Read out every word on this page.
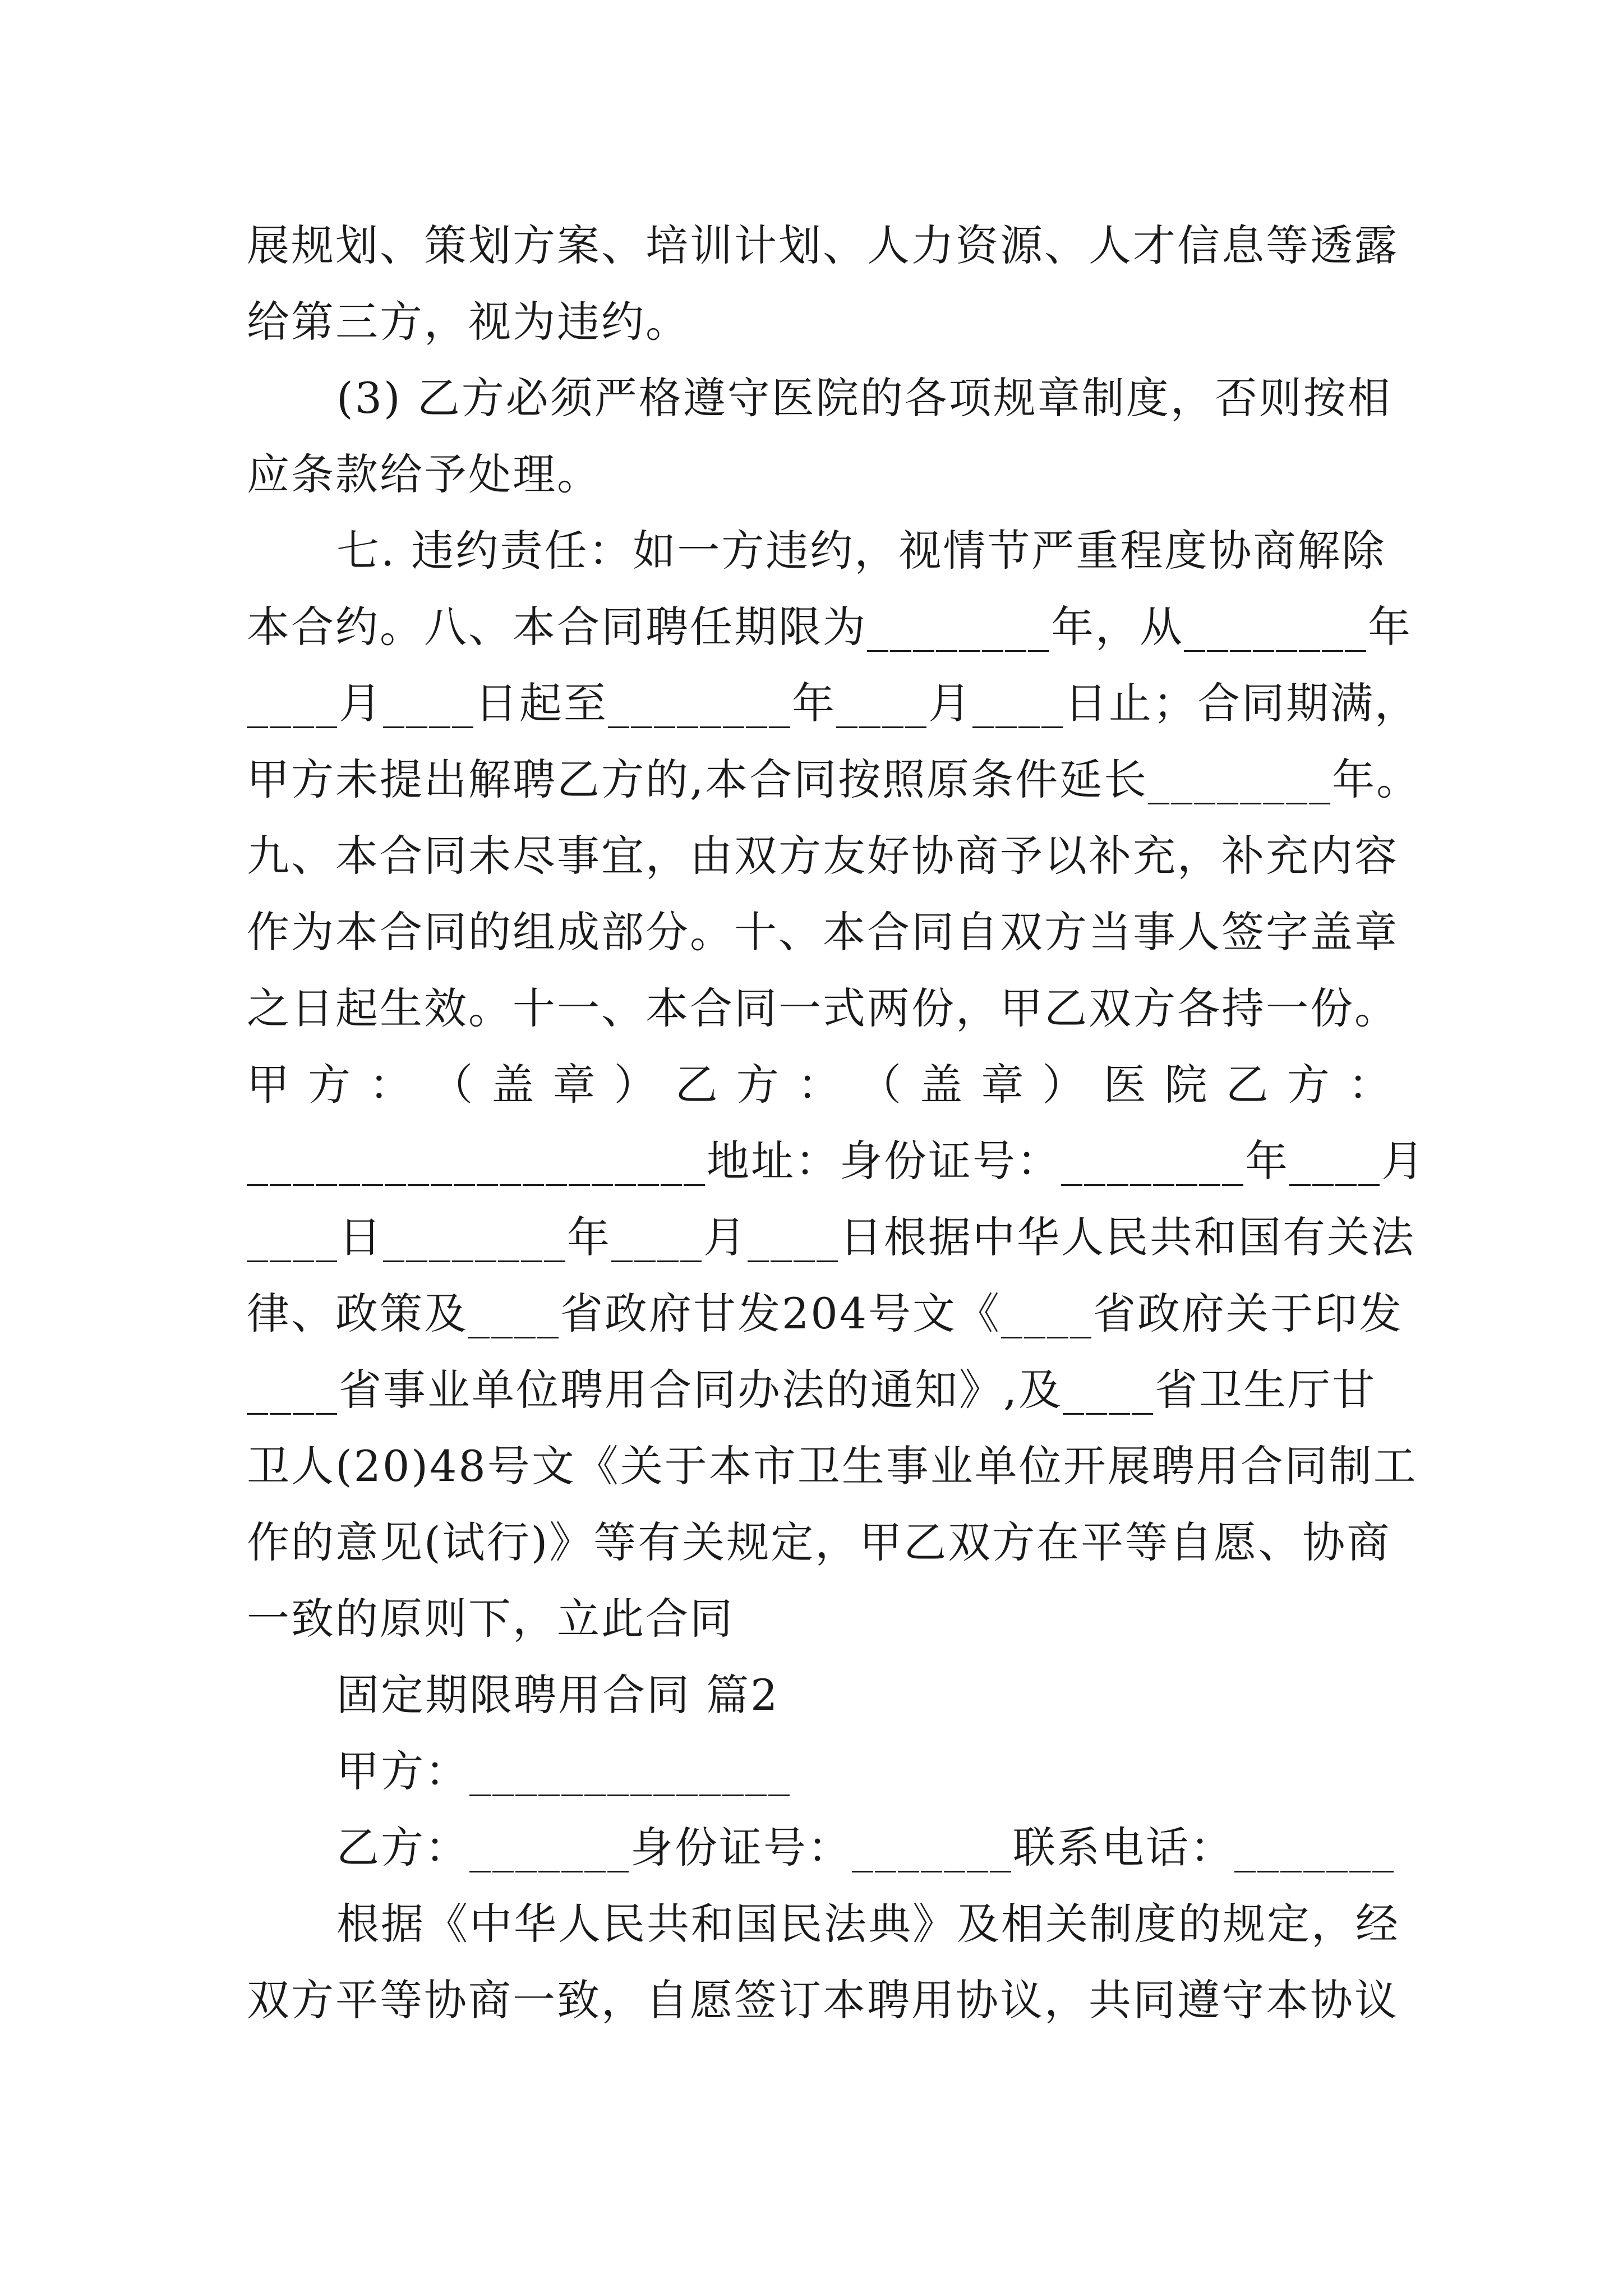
展规划、策划方案、培训计划、人力资源、人才信息等透露
给第三方，视为违约。
(3) 乙方必须严格遵守医院的各项规章制度，否则按相
应条款给予处理。
七. 违约责任：如一方违约，视情节严重程度协商解除
本合约。八、本合同聘任期限为________年，从________年
____月____日起至________年____月____日止；合同期满，
甲方未提出解聘乙方的,本合同按照原条件延长________年。
九、本合同未尽事宜，由双方友好协商予以补充，补充内容
作为本合同的组成部分。十、本合同自双方当事人签字盖章
之日起生效。十一、本合同一式两份，甲乙双方各持一份。
甲 方 ： （ 盖 章 ） 乙 方 ： （ 盖 章 ） 医 院 乙 方 ：
____________________地址：身份证号：________年____月
____日________年____月____日根据中华人民共和国有关法
律、政策及____省政府甘发204号文《____省政府关于印发
____省事业单位聘用合同办法的通知》,及____省卫生厅甘
卫人(20)48号文《关于本市卫生事业单位开展聘用合同制工
作的意见(试行)》等有关规定，甲乙双方在平等自愿、协商
一致的原则下，立此合同
固定期限聘用合同 篇2
甲方：______________
乙方：_______身份证号：_______联系电话：_______
根据《中华人民共和国民法典》及相关制度的规定，经
双方平等协商一致，自愿签订本聘用协议，共同遵守本协议
